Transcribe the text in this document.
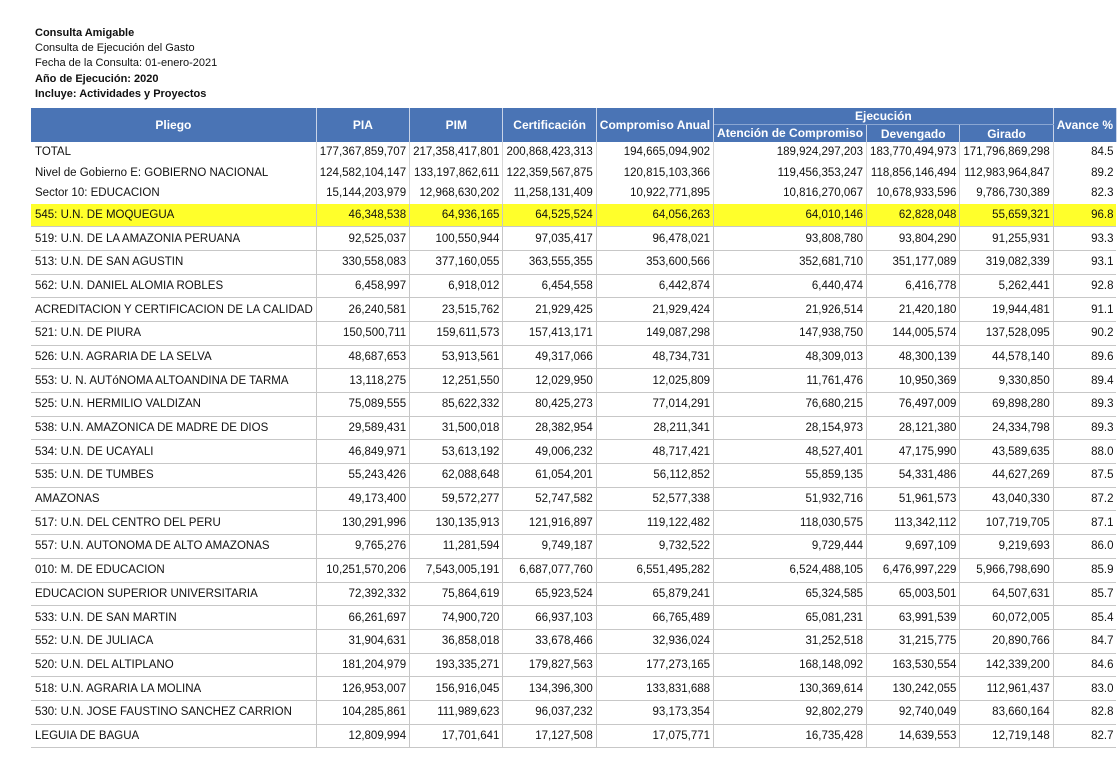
Consulta Amigable
Consulta de Ejecución del Gasto
Fecha de la Consulta: 01-enero-2021
Año de Ejecución: 2020
Incluye: Actividades y Proyectos
TOTAL	177,367,859,707	217,358,417,801	200,868,423,313	194,665,094,902	189,924,297,203	183,770,494,973	171,796,869,298	84.5
Nivel de Gobierno E: GOBIERNO NACIONAL	124,582,104,147	133,197,862,611	122,359,567,875	120,815,103,366	119,456,353,247	118,856,146,494	112,983,964,847	89.2
Sector 10: EDUCACION	15,144,203,979	12,968,630,202	11,258,131,409	10,922,771,895	10,816,270,067	10,678,933,596	9,786,730,389	82.3
Pliego	PIA	PIM	Certificación	Compromiso Anual	Ejecución			Avance %

					Atención de Compromiso	Devengado	Girado	
545: U.N. DE MOQUEGUA	46,348,538	64,936,165	64,525,524	64,056,263	64,010,146	62,828,048	55,659,321	96.8
519: U.N. DE LA AMAZONIA PERUANA	92,525,037	100,550,944	97,035,417	96,478,021	93,808,780	93,804,290	91,255,931	93.3
513: U.N. DE SAN AGUSTIN	330,558,083	377,160,055	363,555,355	353,600,566	352,681,710	351,177,089	319,082,339	93.1
562: U.N. DANIEL ALOMIA ROBLES	6,458,997	6,918,012	6,454,558	6,442,874	6,440,474	6,416,778	5,262,441	92.8
ACREDITACION Y CERTIFICACION DE LA CALIDAD	26,240,581	23,515,762	21,929,425	21,929,424	21,926,514	21,420,180	19,944,481	91.1
521: U.N. DE PIURA	150,500,711	159,611,573	157,413,171	149,087,298	147,938,750	144,005,574	137,528,095	90.2
526: U.N. AGRARIA DE LA SELVA	48,687,653	53,913,561	49,317,066	48,734,731	48,309,013	48,300,139	44,578,140	89.6
553: U. N. AUTóNOMA ALTOANDINA DE TARMA	13,118,275	12,251,550	12,029,950	12,025,809	11,761,476	10,950,369	9,330,850	89.4
525: U.N. HERMILIO VALDIZAN	75,089,555	85,622,332	80,425,273	77,014,291	76,680,215	76,497,009	69,898,280	89.3
538: U.N. AMAZONICA DE MADRE DE DIOS	29,589,431	31,500,018	28,382,954	28,211,341	28,154,973	28,121,380	24,334,798	89.3
534: U.N. DE UCAYALI	46,849,971	53,613,192	49,006,232	48,717,421	48,527,401	47,175,990	43,589,635	88.0
535: U.N. DE TUMBES	55,243,426	62,088,648	61,054,201	56,112,852	55,859,135	54,331,486	44,627,269	87.5
AMAZONAS	49,173,400	59,572,277	52,747,582	52,577,338	51,932,716	51,961,573	43,040,330	87.2
517: U.N. DEL CENTRO DEL PERU	130,291,996	130,135,913	121,916,897	119,122,482	118,030,575	113,342,112	107,719,705	87.1
557: U.N. AUTONOMA DE ALTO AMAZONAS	9,765,276	11,281,594	9,749,187	9,732,522	9,729,444	9,697,109	9,219,693	86.0
010: M. DE EDUCACION	10,251,570,206	7,543,005,191	6,687,077,760	6,551,495,282	6,524,488,105	6,476,997,229	5,966,798,690	85.9
EDUCACION SUPERIOR UNIVERSITARIA	72,392,332	75,864,619	65,923,524	65,879,241	65,324,585	65,003,501	64,507,631	85.7
533: U.N. DE SAN MARTIN	66,261,697	74,900,720	66,937,103	66,765,489	65,081,231	63,991,539	60,072,005	85.4
552: U.N. DE JULIACA	31,904,631	36,858,018	33,678,466	32,936,024	31,252,518	31,215,775	20,890,766	84.7
520: U.N. DEL ALTIPLANO	181,204,979	193,335,271	179,827,563	177,273,165	168,148,092	163,530,554	142,339,200	84.6
518: U.N. AGRARIA LA MOLINA	126,953,007	156,916,045	134,396,300	133,831,688	130,369,614	130,242,055	112,961,437	83.0
530: U.N. JOSE FAUSTINO SANCHEZ CARRION	104,285,861	111,989,623	96,037,232	93,173,354	92,802,279	92,740,049	83,660,164	82.8
LEGUIA DE BAGUA	12,809,994	17,701,641	17,127,508	17,075,771	16,735,428	14,639,553	12,719,148	82.7
